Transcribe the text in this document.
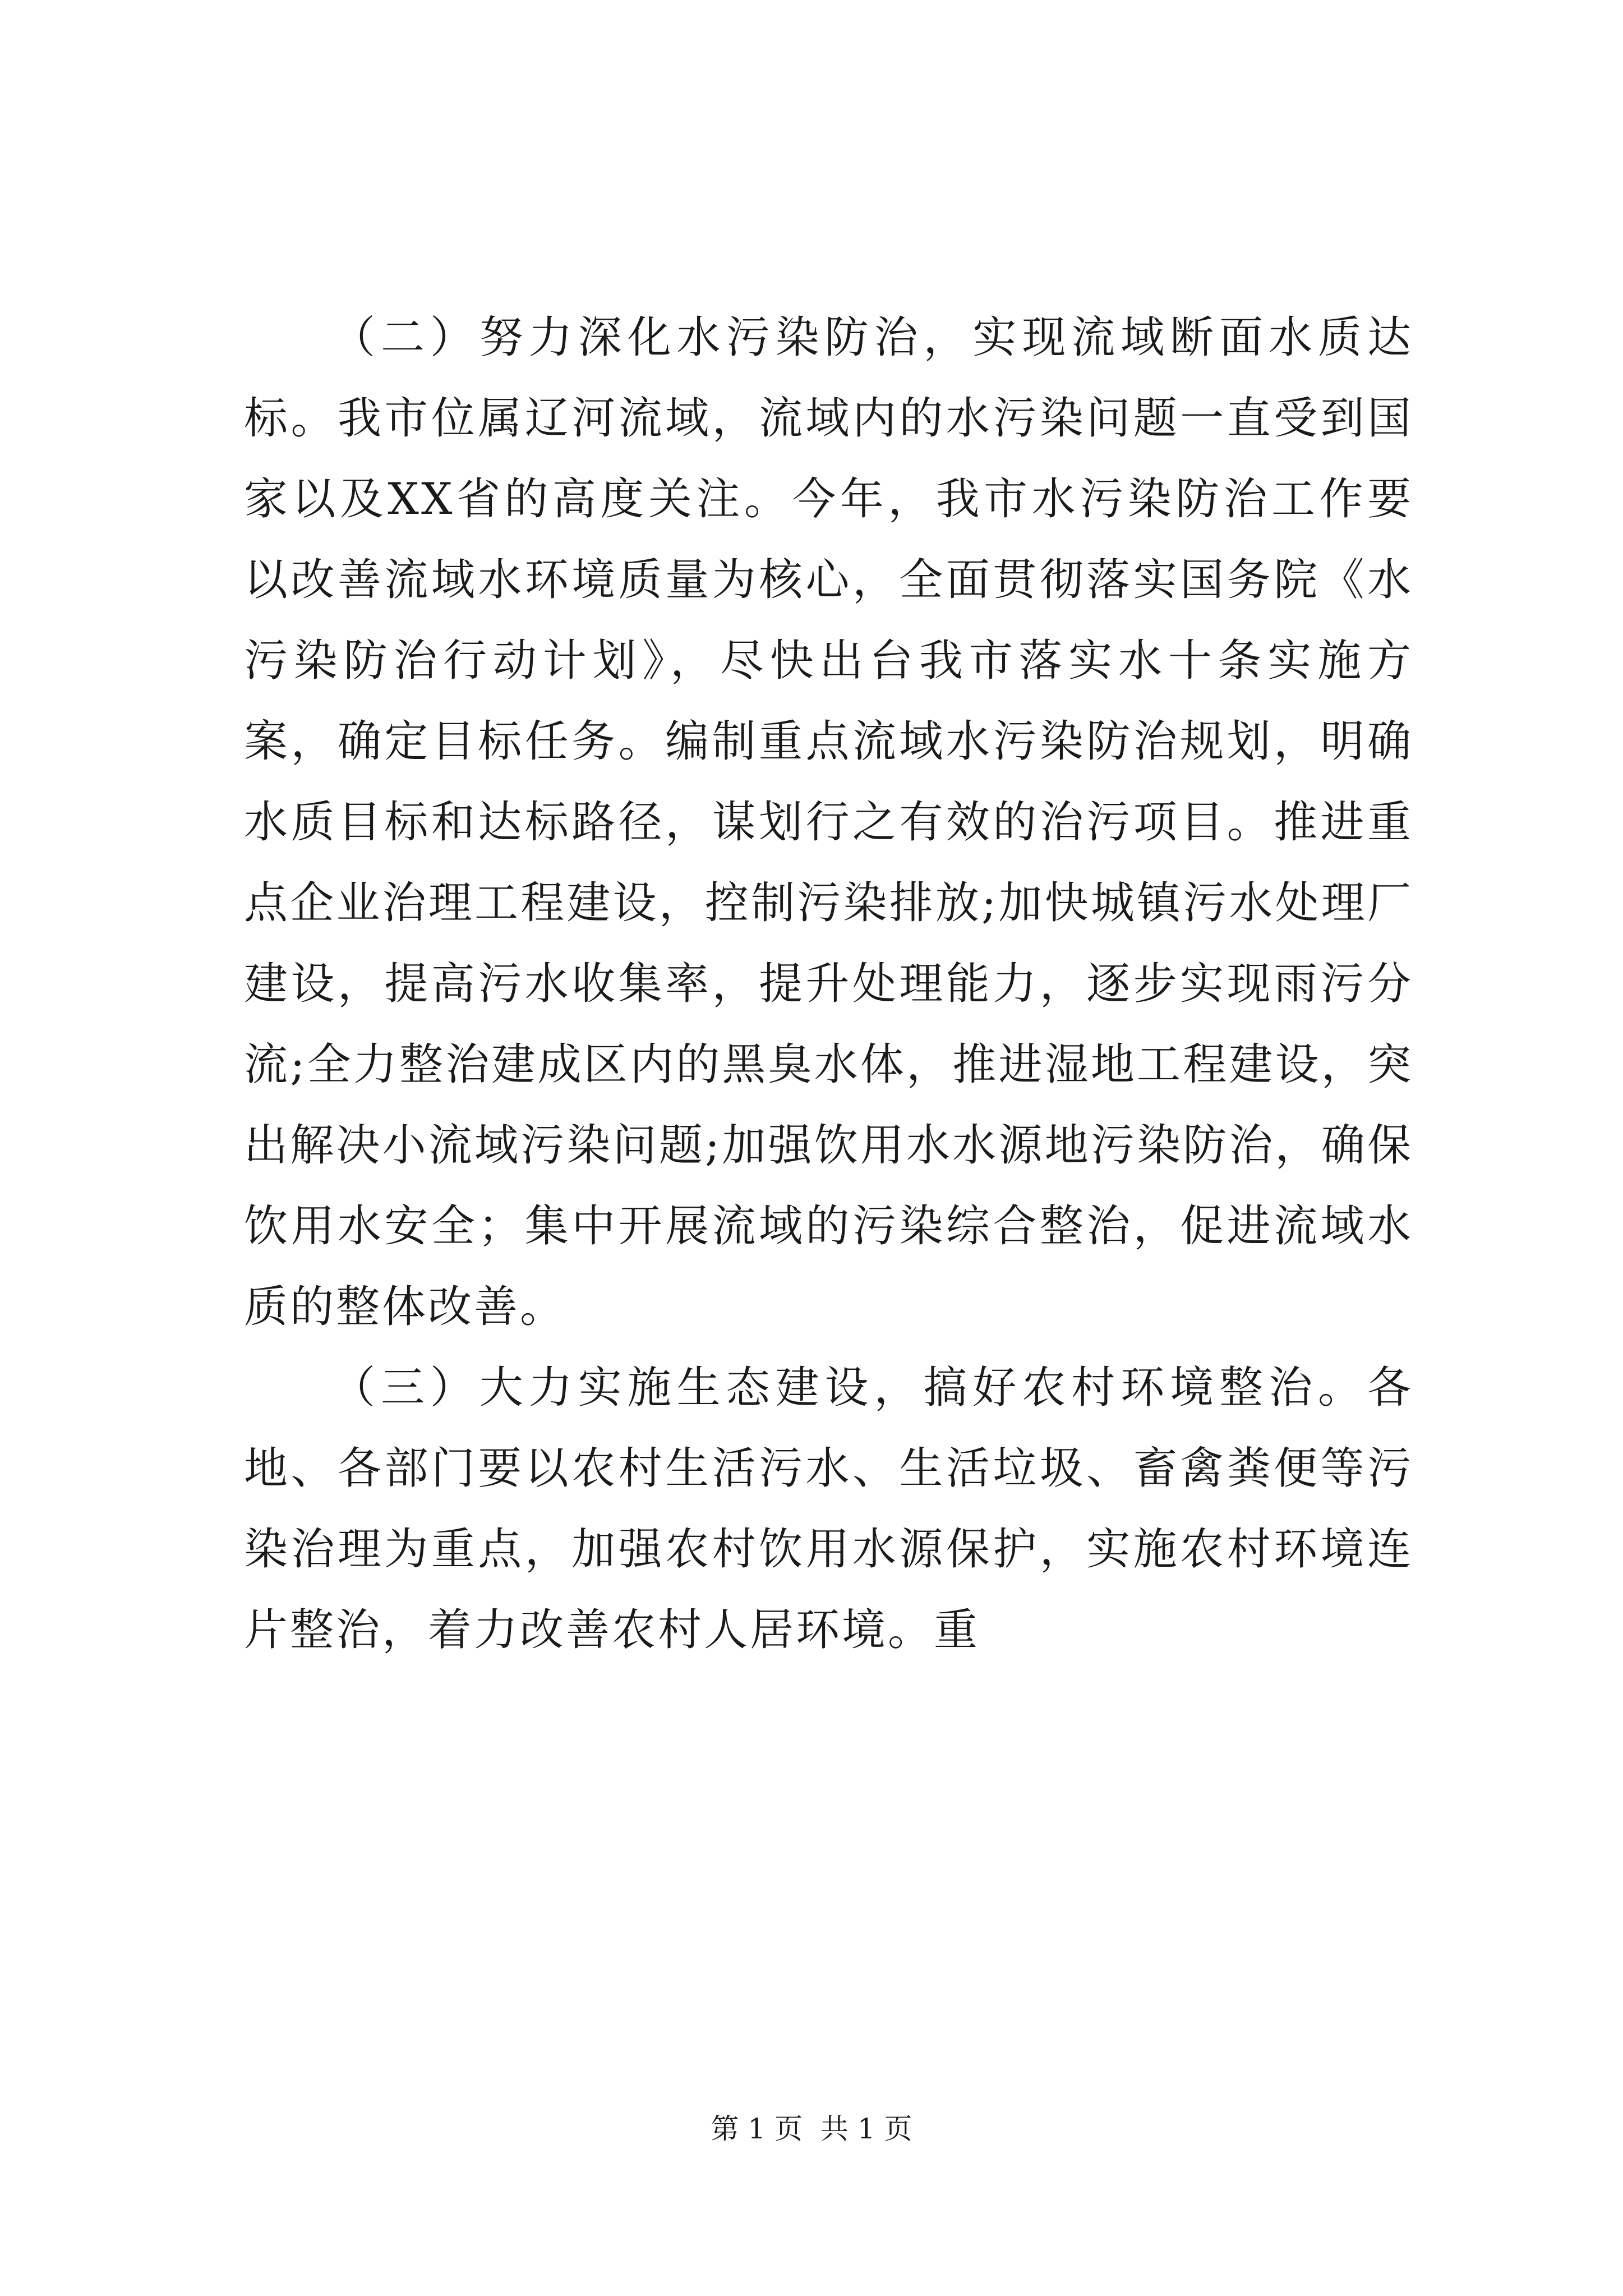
（二）努力深化水污染防治，实现流域断面水质达标。我市位属辽河流域，流域内的水污染问题一直受到国家以及XX省的高度关注。今年，我市水污染防治工作要以改善流域水环境质量为核心，全面贯彻落实国务院《水污染防治行动计划》，尽快出台我市落实水十条实施方案，确定目标任务。编制重点流域水污染防治规划，明确水质目标和达标路径，谋划行之有效的治污项目。推进重点企业治理工程建设，控制污染排放;加快城镇污水处理厂建设，提高污水收集率，提升处理能力，逐步实现雨污分流;全力整治建成区内的黑臭水体，推进湿地工程建设，突出解决小流域污染问题;加强饮用水水源地污染防治，确保饮用水安全；集中开展流域的污染综合整治，促进流域水质的整体改善。

（三）大力实施生态建设，搞好农村环境整治。各地、各部门要以农村生活污水、生活垃圾、畜禽粪便等污染治理为重点，加强农村饮用水源保护，实施农村环境连片整治，着力改善农村人居环境。重

第 1 页  共 1 页
